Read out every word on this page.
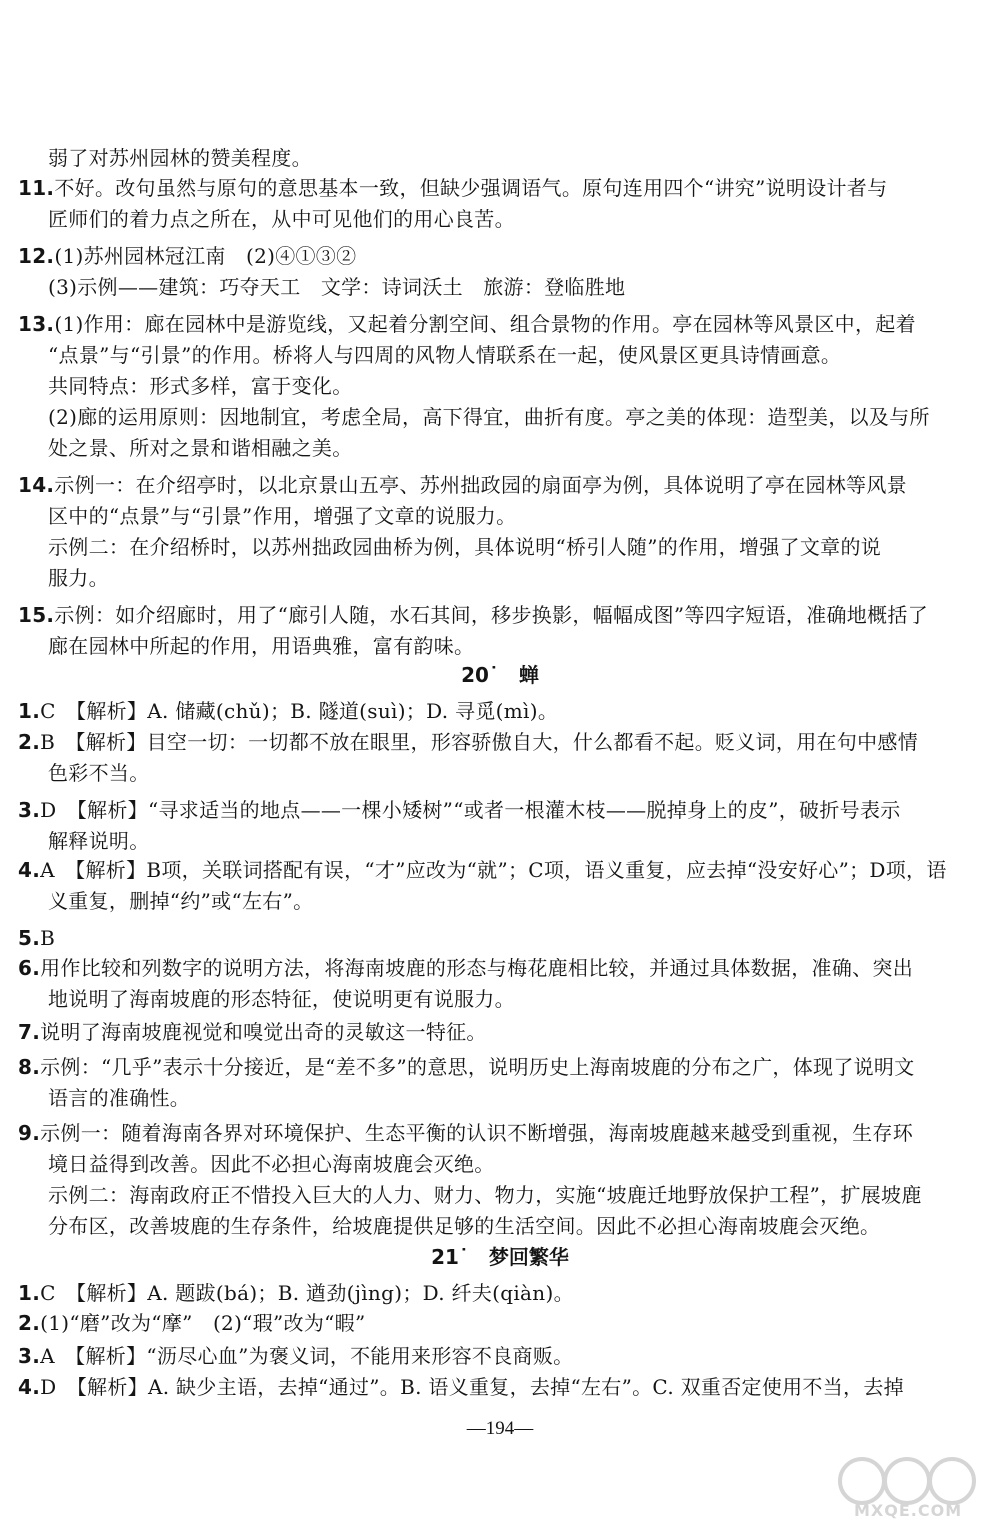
弱了对苏州园林的赞美程度。
11.不好。改句虽然与原句的意思基本一致，但缺少强调语气。原句连用四个“讲究”说明设计者与
匠师们的着力点之所在，从中可见他们的用心良苦。
12.(1)苏州园林冠江南　(2)④①③②
(3)示例——建筑：巧夺天工　文学：诗词沃土　旅游：登临胜地
13.(1)作用：廊在园林中是游览线，又起着分割空间、组合景物的作用。亭在园林等风景区中，起着
“点景”与“引景”的作用。桥将人与四周的风物人情联系在一起，使风景区更具诗情画意。
共同特点：形式多样，富于变化。
(2)廊的运用原则：因地制宜，考虑全局，高下得宜，曲折有度。亭之美的体现：造型美，以及与所
处之景、所对之景和谐相融之美。
14.示例一：在介绍亭时，以北京景山五亭、苏州拙政园的扇面亭为例，具体说明了亭在园林等风景
区中的“点景”与“引景”作用，增强了文章的说服力。
示例二：在介绍桥时，以苏州拙政园曲桥为例，具体说明“桥引人随”的作用，增强了文章的说
服力。
15.示例：如介绍廊时，用了“廊引人随，水石其间，移步换影，幅幅成图”等四字短语，准确地概括了
廊在园林中所起的作用，用语典雅，富有韵味。
1.C　【解析】A. 储藏(chǔ)；B. 隧道(suì)；D. 寻觅(mì)。
2.B　【解析】目空一切：一切都不放在眼里，形容骄傲自大，什么都看不起。贬义词，用在句中感情
色彩不当。
3.D　【解析】“寻求适当的地点——一棵小矮树”“或者一根灌木枝——脱掉身上的皮”，破折号表示
解释说明。
4.A　【解析】B项，关联词搭配有误，“才”应改为“就”；C项，语义重复，应去掉“没安好心”；D项，语
义重复，删掉“约”或“左右”。
5.B
6.用作比较和列数字的说明方法，将海南坡鹿的形态与梅花鹿相比较，并通过具体数据，准确、突出
地说明了海南坡鹿的形态特征，使说明更有说服力。
7.说明了海南坡鹿视觉和嗅觉出奇的灵敏这一特征。
8.示例：“几乎”表示十分接近，是“差不多”的意思，说明历史上海南坡鹿的分布之广，体现了说明文
语言的准确性。
9.示例一：随着海南各界对环境保护、生态平衡的认识不断增强，海南坡鹿越来越受到重视，生存环
境日益得到改善。因此不必担心海南坡鹿会灭绝。
示例二：海南政府正不惜投入巨大的人力、财力、物力，实施“坡鹿迁地野放保护工程”，扩展坡鹿
分布区，改善坡鹿的生存条件，给坡鹿提供足够的生活空间。因此不必担心海南坡鹿会灭绝。
1.C　【解析】A. 题跋(bá)；B. 遒劲(jìng)；D. 纤夫(qiàn)。
2.(1)“磨”改为“摩”　(2)“瑕”改为“暇”
3.A　【解析】“沥尽心血”为褒义词，不能用来形容不良商贩。
4.D　【解析】A. 缺少主语，去掉“通过”。B. 语义重复，去掉“左右”。C. 双重否定使用不当，去掉
20˙　蝉
21˙　梦回繁华
—194—
MXQE.COM
